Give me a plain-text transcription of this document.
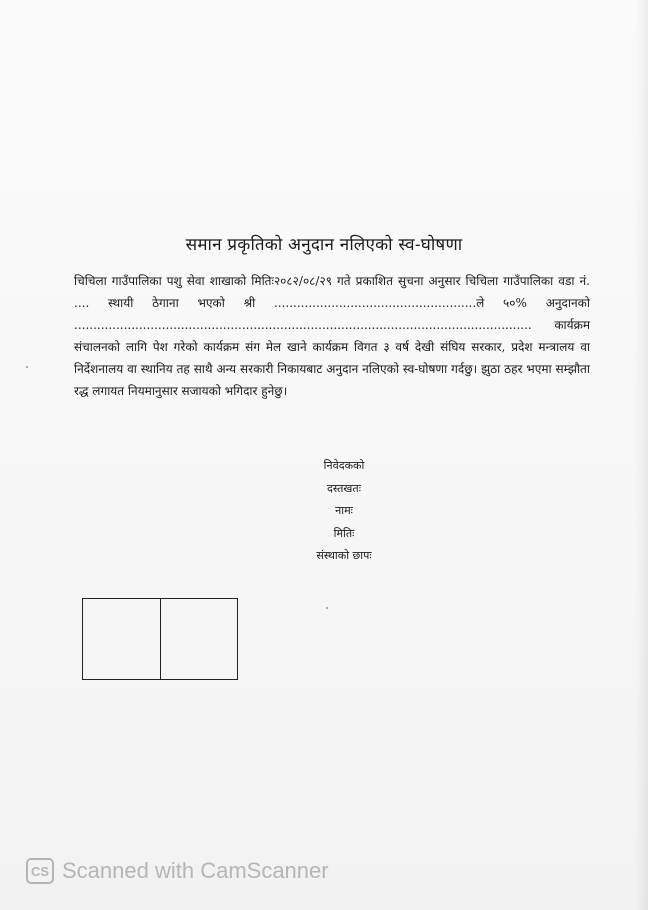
समान प्रकृतिको अनुदान नलिएको स्व-घोषणा

चिचिला गाउँपालिका पशु सेवा शाखाको मितिः२०८२/०८/२९ गते प्रकाशित सुचना अनुसार चिचिला गाउँपालिका वडा नं. .... स्थायी ठेगाना भएको श्री .....................................................ले ५०% अनुदानको ........................................................................................................................ कार्यक्रम संचालनको लागि पेश गरेको कार्यक्रम संग मेल खाने कार्यक्रम विगत ३ वर्ष देखी संघिय सरकार, प्रदेश मन्त्रालय वा निर्देशनालय वा स्थानिय तह साथै अन्य सरकारी निकायबाट अनुदान नलिएको स्व-घोषणा गर्दछु। झुठा ठहर भएमा सम्झौता रद्ध लगायत नियमानुसार सजायको भगिदार हुनेछु।

निवेदकको
दस्तखतः
नामः
मितिः
संस्थाको छापः
CS Scanned with CamScanner
